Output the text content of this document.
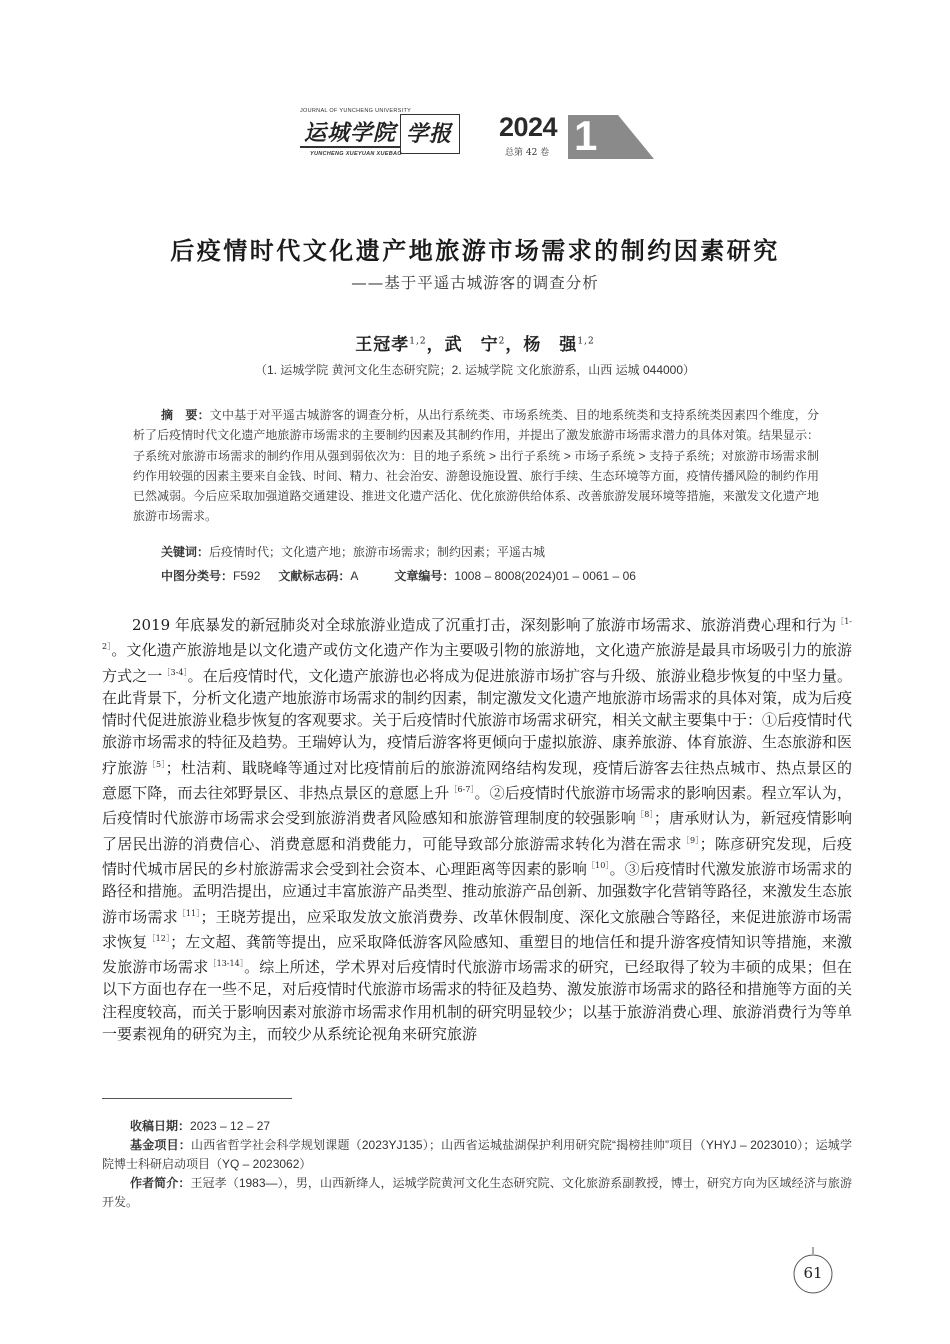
JOURNAL OF YUNCHENG UNIVERSITY
运城学院 学报
YUNCHENG XUEYUAN XUEBAO
2024
总第 42 卷 1
后疫情时代文化遗产地旅游市场需求的制约因素研究
——基于平遥古城游客的调查分析
王冠孝$^{1,2}$，武　宁$^2$，杨　强$^{1,2}$
（1. 运城学院 黄河文化生态研究院；2. 运城学院 文化旅游系，山西 运城 044000）
摘　要：文中基于对平遥古城游客的调查分析，从出行系统类、市场系统类、目的地系统类和支持系统类因素四个维度，分析了后疫情时代文化遗产地旅游市场需求的主要制约因素及其制约作用，并提出了激发旅游市场需求潜力的具体对策。结果显示：子系统对旅游市场需求的制约作用从强到弱依次为：目的地子系统 > 出行子系统 > 市场子系统 > 支持子系统；对旅游市场需求制约作用较强的因素主要来自金钱、时间、精力、社会治安、游憩设施设置、旅行手续、生态环境等方面，疫情传播风险的制约作用已然减弱。今后应采取加强道路交通建设、推进文化遗产活化、优化旅游供给体系、改善旅游发展环境等措施，来激发文化遗产地旅游市场需求。
关键词：后疫情时代；文化遗产地；旅游市场需求；制约因素；平遥古城
中图分类号：F592 文献标志码：A	文章编号：1008 – 8008(2024)01 – 0061 – 06
2019 年底暴发的新冠肺炎对全球旅游业造成了沉重打击，深刻影响了旅游市场需求、旅游消费心理和行为$^{[1-2]}$。文化遗产旅游地是以文化遗产或仿文化遗产作为主要吸引物的旅游地，文化遗产旅游是最具市场吸引力的旅游方式之一$^{[3-4]}$。在后疫情时代，文化遗产旅游也必将成为促进旅游市场扩容与升级、旅游业稳步恢复的中坚力量。在此背景下，分析文化遗产地旅游市场需求的制约因素，制定激发文化遗产地旅游市场需求的具体对策，成为后疫情时代促进旅游业稳步恢复的客观要求。关于后疫情时代旅游市场需求研究，相关文献主要集中于：①后疫情时代旅游市场需求的特征及趋势。王瑞婷认为，疫情后游客将更倾向于虚拟旅游、康养旅游、体育旅游、生态旅游和医疗旅游$^{[5]}$；杜洁莉、戢晓峰等通过对比疫情前后的旅游流网络结构发现，疫情后游客去往热点城市、热点景区的意愿下降，而去往郊野景区、非热点景区的意愿上升$^{[6-7]}$。②后疫情时代旅游市场需求的影响因素。程立军认为，后疫情时代旅游市场需求会受到旅游消费者风险感知和旅游管理制度的较强影响$^{[8]}$；唐承财认为，新冠疫情影响了居民出游的消费信心、消费意愿和消费能力，可能导致部分旅游需求转化为潜在需求$^{[9]}$；陈彦研究发现，后疫情时代城市居民的乡村旅游需求会受到社会资本、心理距离等因素的影响$^{[10]}$。③后疫情时代激发旅游市场需求的路径和措施。孟明浩提出，应通过丰富旅游产品类型、推动旅游产品创新、加强数字化营销等路径，来激发生态旅游市场需求$^{[11]}$；王晓芳提出，应采取发放文旅消费券、改革休假制度、深化文旅融合等路径，来促进旅游市场需求恢复$^{[12]}$；左文超、龚箭等提出，应采取降低游客风险感知、重塑目的地信任和提升游客疫情知识等措施，来激发旅游市场需求$^{[13-14]}$。综上所述，学术界对后疫情时代旅游市场需求的研究，已经取得了较为丰硕的成果；但在以下方面也存在一些不足，对后疫情时代旅游市场需求的特征及趋势、激发旅游市场需求的路径和措施等方面的关注程度较高，而关于影响因素对旅游市场需求作用机制的研究明显较少；以基于旅游消费心理、旅游消费行为等单一要素视角的研究为主，而较少从系统论视角来研究旅游

收稿日期：2023 – 12 – 27

基金项目：山西省哲学社会科学规划课题（2023YJ135）；山西省运城盐湖保护利用研究院“揭榜挂帅”项目（YHYJ – 2023010）；运城学院博士科研启动项目（YQ – 2023062）

作者简介：王冠孝（1983—），男，山西新绛人，运城学院黄河文化生态研究院、文化旅游系副教授，博士，研究方向为区域经济与旅游开发。

61
